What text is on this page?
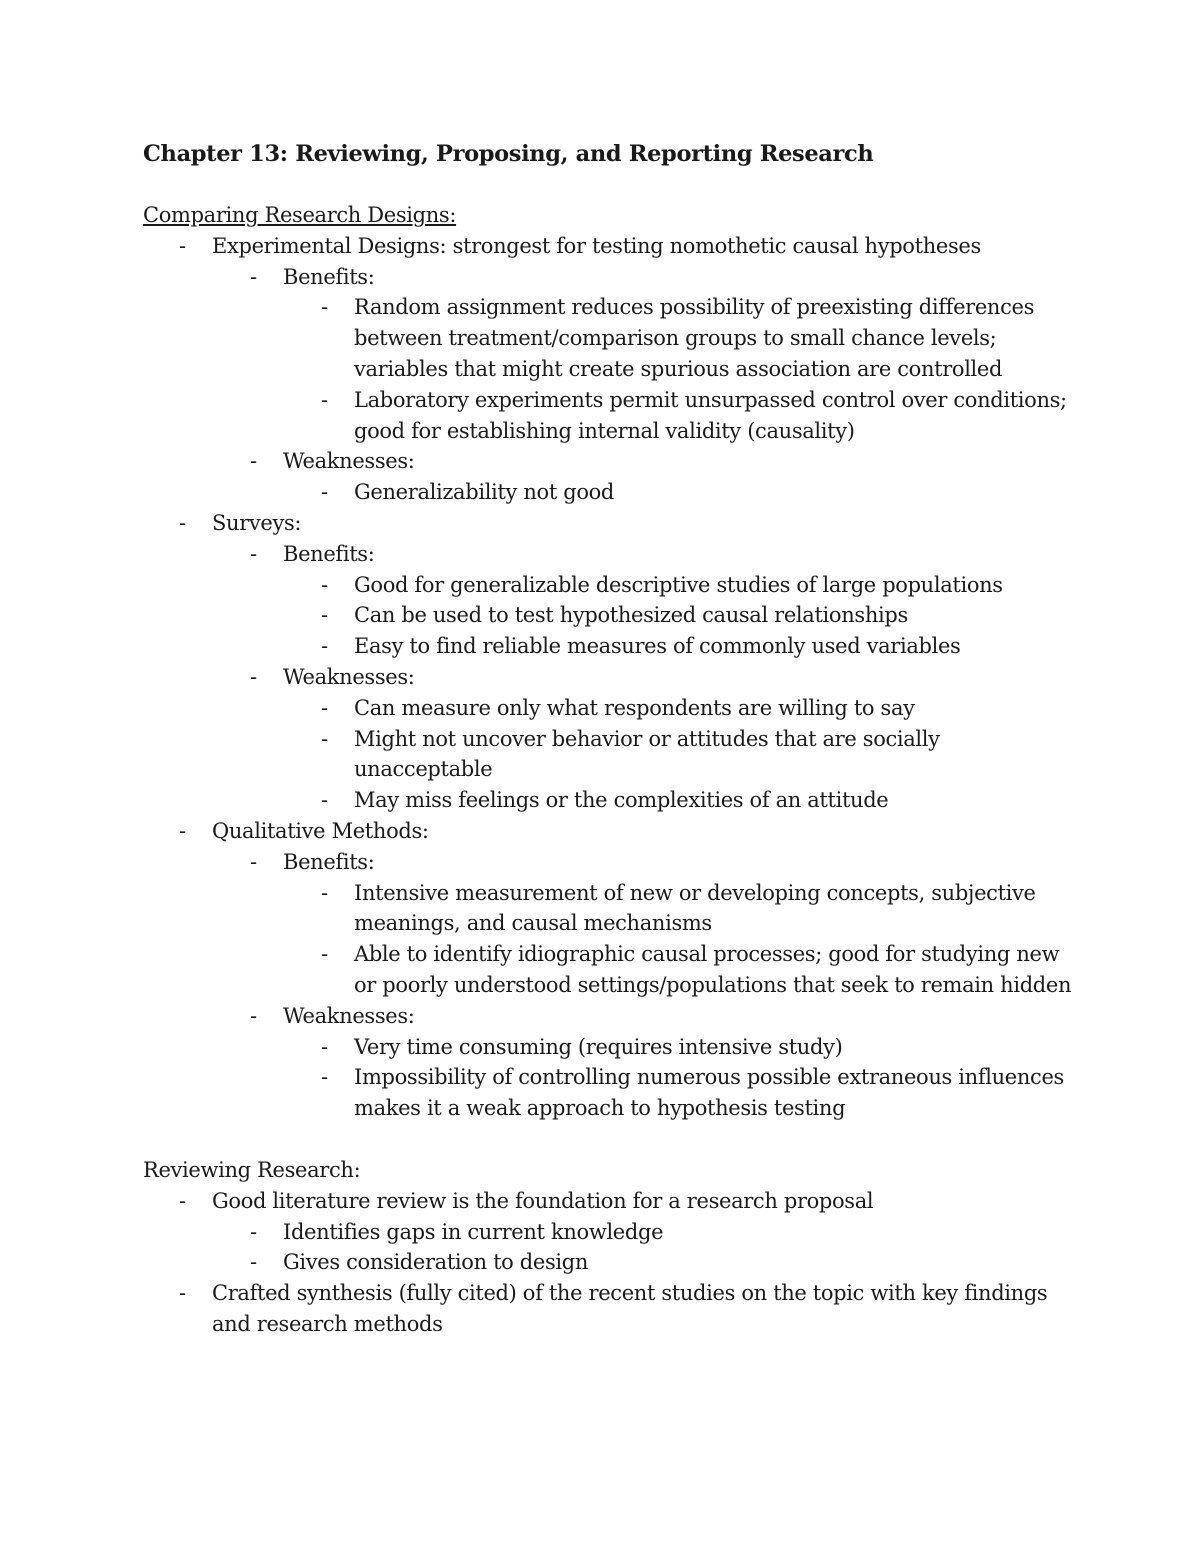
Chapter 13: Reviewing, Proposing, and Reporting Research

Comparing Research Designs:

- Experimental Designs: strongest for testing nomothetic causal hypotheses
- Benefits:
- Random assignment reduces possibility of preexisting differences between treatment/comparison groups to small chance levels; variables that might create spurious association are controlled
- Laboratory experiments permit unsurpassed control over conditions; good for establishing internal validity (causality)
- Weaknesses:
- Generalizability not good
- Surveys:
- Benefits:
- Good for generalizable descriptive studies of large populations
- Can be used to test hypothesized causal relationships
- Easy to find reliable measures of commonly used variables
- Weaknesses:
- Can measure only what respondents are willing to say
- Might not uncover behavior or attitudes that are socially unacceptable
- May miss feelings or the complexities of an attitude
- Qualitative Methods:
- Benefits:
- Intensive measurement of new or developing concepts, subjective meanings, and causal mechanisms
- Able to identify idiographic causal processes; good for studying new or poorly understood settings/populations that seek to remain hidden
- Weaknesses:
- Very time consuming (requires intensive study)
- Impossibility of controlling numerous possible extraneous influences makes it a weak approach to hypothesis testing

Reviewing Research:

- Good literature review is the foundation for a research proposal
- Identifies gaps in current knowledge
- Gives consideration to design
- Crafted synthesis (fully cited) of the recent studies on the topic with key findings and research methods
